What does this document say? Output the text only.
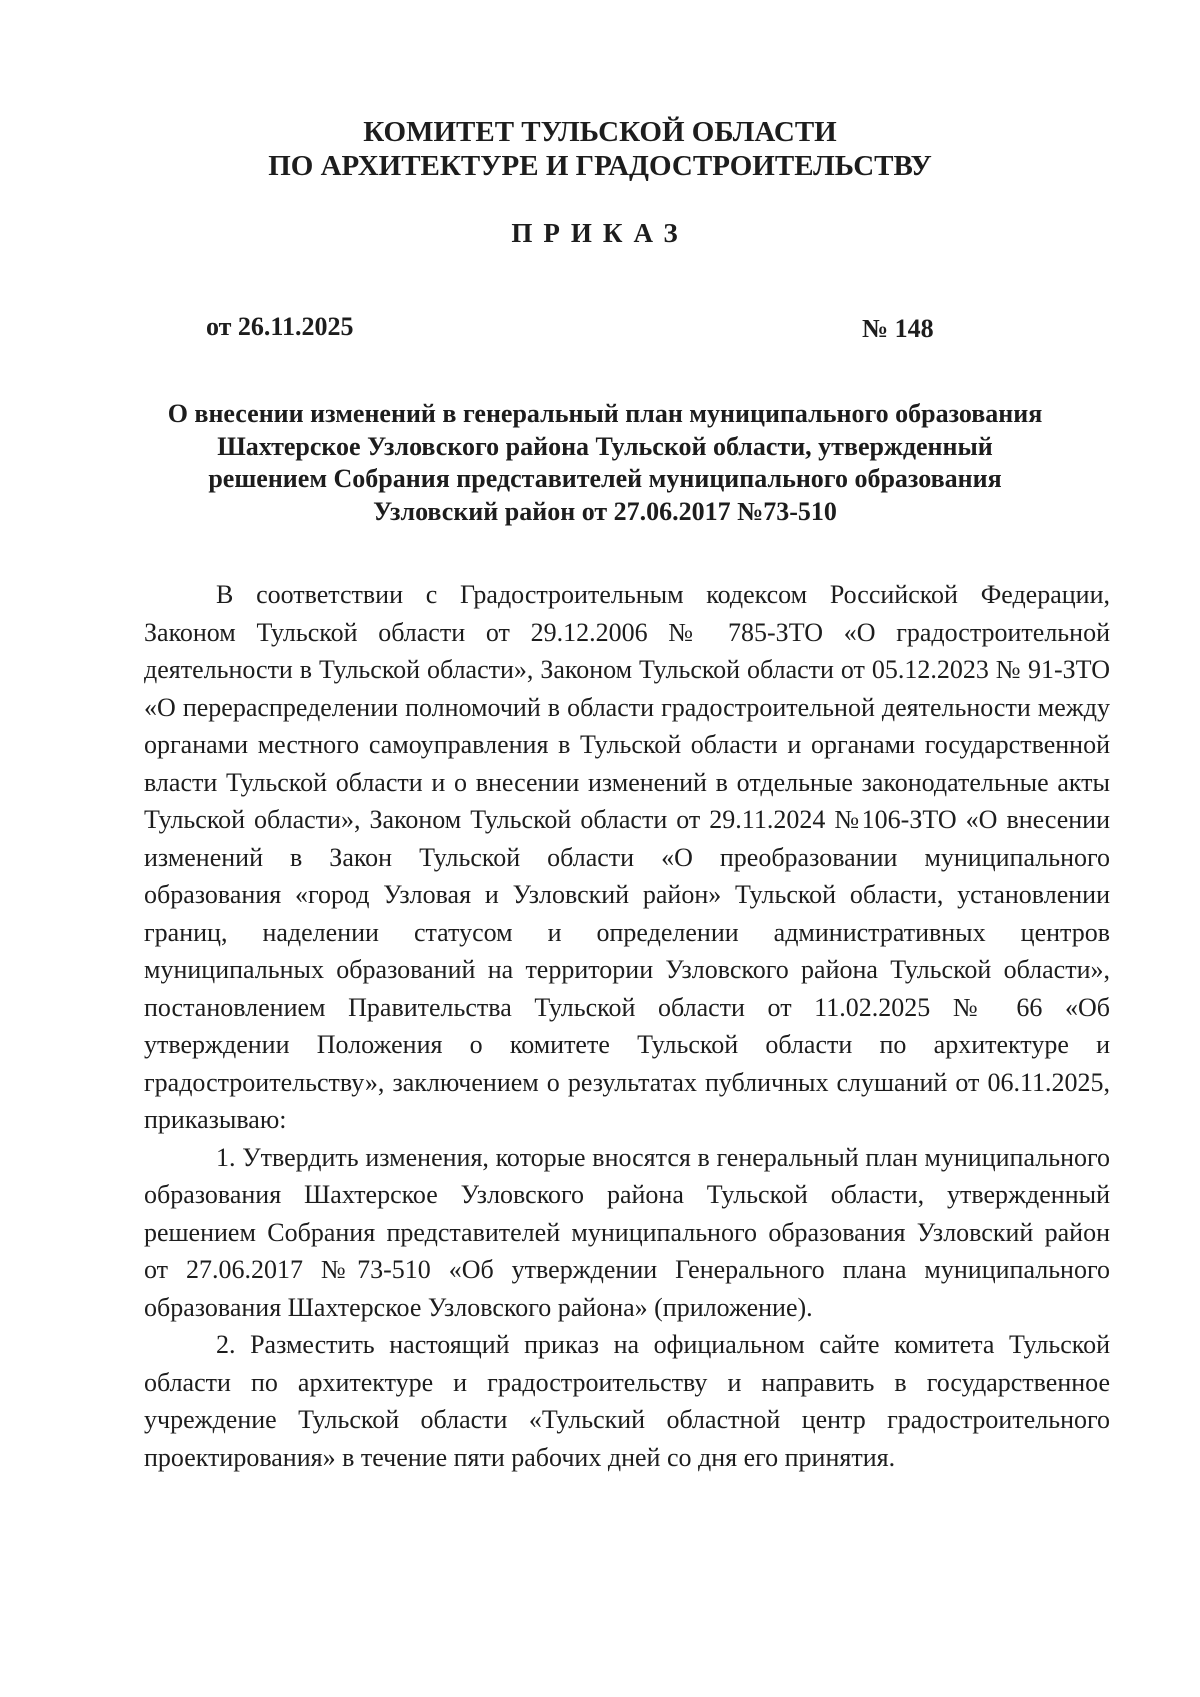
КОМИТЕТ ТУЛЬСКОЙ ОБЛАСТИ
ПО АРХИТЕКТУРЕ И ГРАДОСТРОИТЕЛЬСТВУ
ПРИКАЗ
от 26.11.2025	№ 148
О внесении изменений в генеральный план муниципального образования
Шахтерское Узловского района Тульской области, утвержденный
решением Собрания представителей муниципального образования
Узловский район от 27.06.2017 №73-510

В соответствии с Градостроительным кодексом Российской Федерации, Законом Тульской области от 29.12.2006 № 785-ЗТО «О градостроительной деятельности в Тульской области», Законом Тульской области от 05.12.2023 № 91-ЗТО «О перераспределении полномочий в области градостроительной деятельности между органами местного самоуправления в Тульской области и органами государственной власти Тульской области и о внесении изменений в отдельные законодательные акты Тульской области», Законом Тульской области от 29.11.2024 №106-ЗТО «О внесении изменений в Закон Тульской области «О преобразовании муниципального образования «город Узловая и Узловский район» Тульской области, установлении границ, наделении статусом и определении административных центров муниципальных образований на территории Узловского района Тульской области», постановлением Правительства Тульской области от 11.02.2025 № 66 «Об утверждении Положения о комитете Тульской области по архитектуре и градостроительству», заключением о результатах публичных слушаний от 06.11.2025, приказываю:

1. Утвердить изменения, которые вносятся в генеральный план муниципального образования Шахтерское Узловского района Тульской области, утвержденный решением Собрания представителей муниципального образования Узловский район от 27.06.2017 №73-510 «Об утверждении Генерального плана муниципального образования Шахтерское Узловского района» (приложение).

2. Разместить настоящий приказ на официальном сайте комитета Тульской области по архитектуре и градостроительству и направить в государственное учреждение Тульской области «Тульский областной центр градостроительного проектирования» в течение пяти рабочих дней со дня его принятия.
